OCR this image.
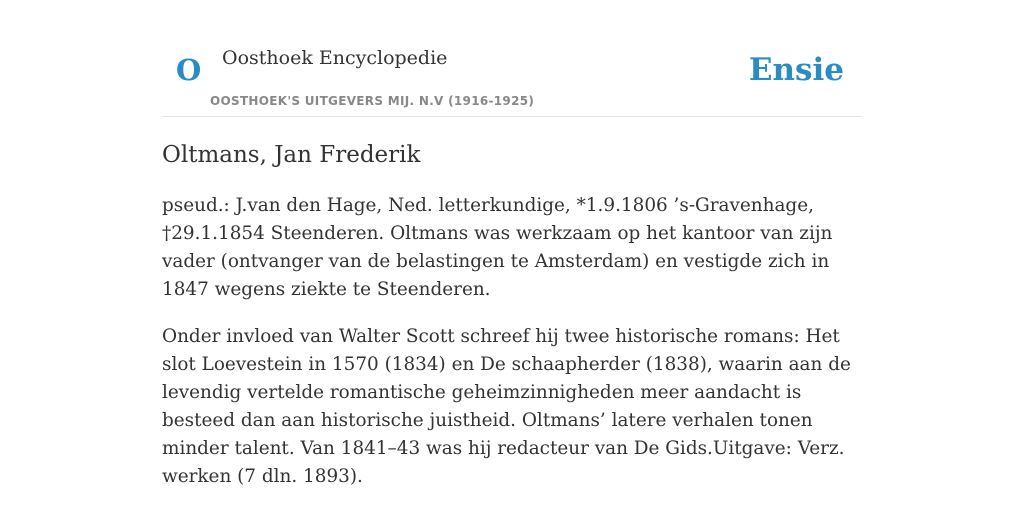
O Oosthoek Encyclopedie
OOSTHOEK'S UITGEVERS MIJ. N.V (1916-1925)
Ensie
Oltmans, Jan Frederik

pseud.: J.van den Hage, Ned. letterkundige, *1.9.1806 ’s-Gravenhage, †29.1.1854 Steenderen. Oltmans was werkzaam op het kantoor van zijn vader (ontvanger van de belastingen te Amsterdam) en vestigde zich in 1847 wegens ziekte te Steenderen.

Onder invloed van Walter Scott schreef hij twee historische romans: Het slot Loevestein in 1570 (1834) en De schaapherder (1838), waarin aan de levendig vertelde romantische geheimzinnigheden meer aandacht is besteed dan aan historische juistheid. Oltmans’ latere verhalen tonen minder talent. Van 1841–43 was hij redacteur van De Gids.Uitgave: Verz. werken (7 dln. 1893).
